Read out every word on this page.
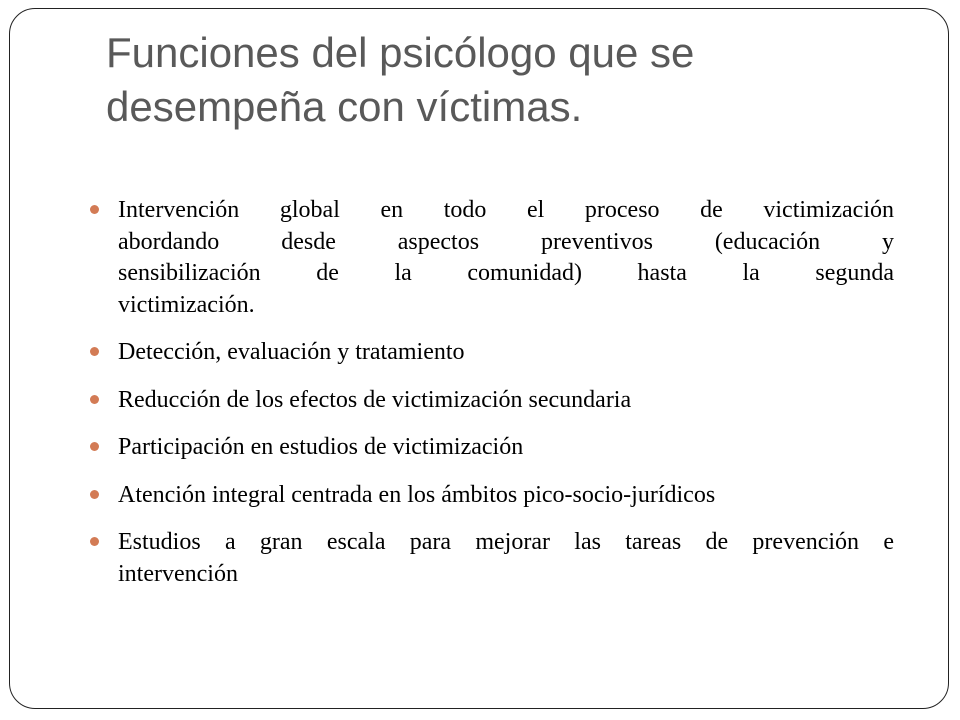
Funciones del psicólogo que se
desempeña con víctimas.
Intervención global en todo el proceso de victimización
abordando desde aspectos preventivos (educación y
sensibilización de la comunidad) hasta la segunda
victimización.
Detección, evaluación y tratamiento
Reducción de los efectos de victimización secundaria
Participación en estudios de victimización
Atención integral centrada en los ámbitos pico-socio-jurídicos
Estudios a gran escala para mejorar las tareas de prevención e
intervención
